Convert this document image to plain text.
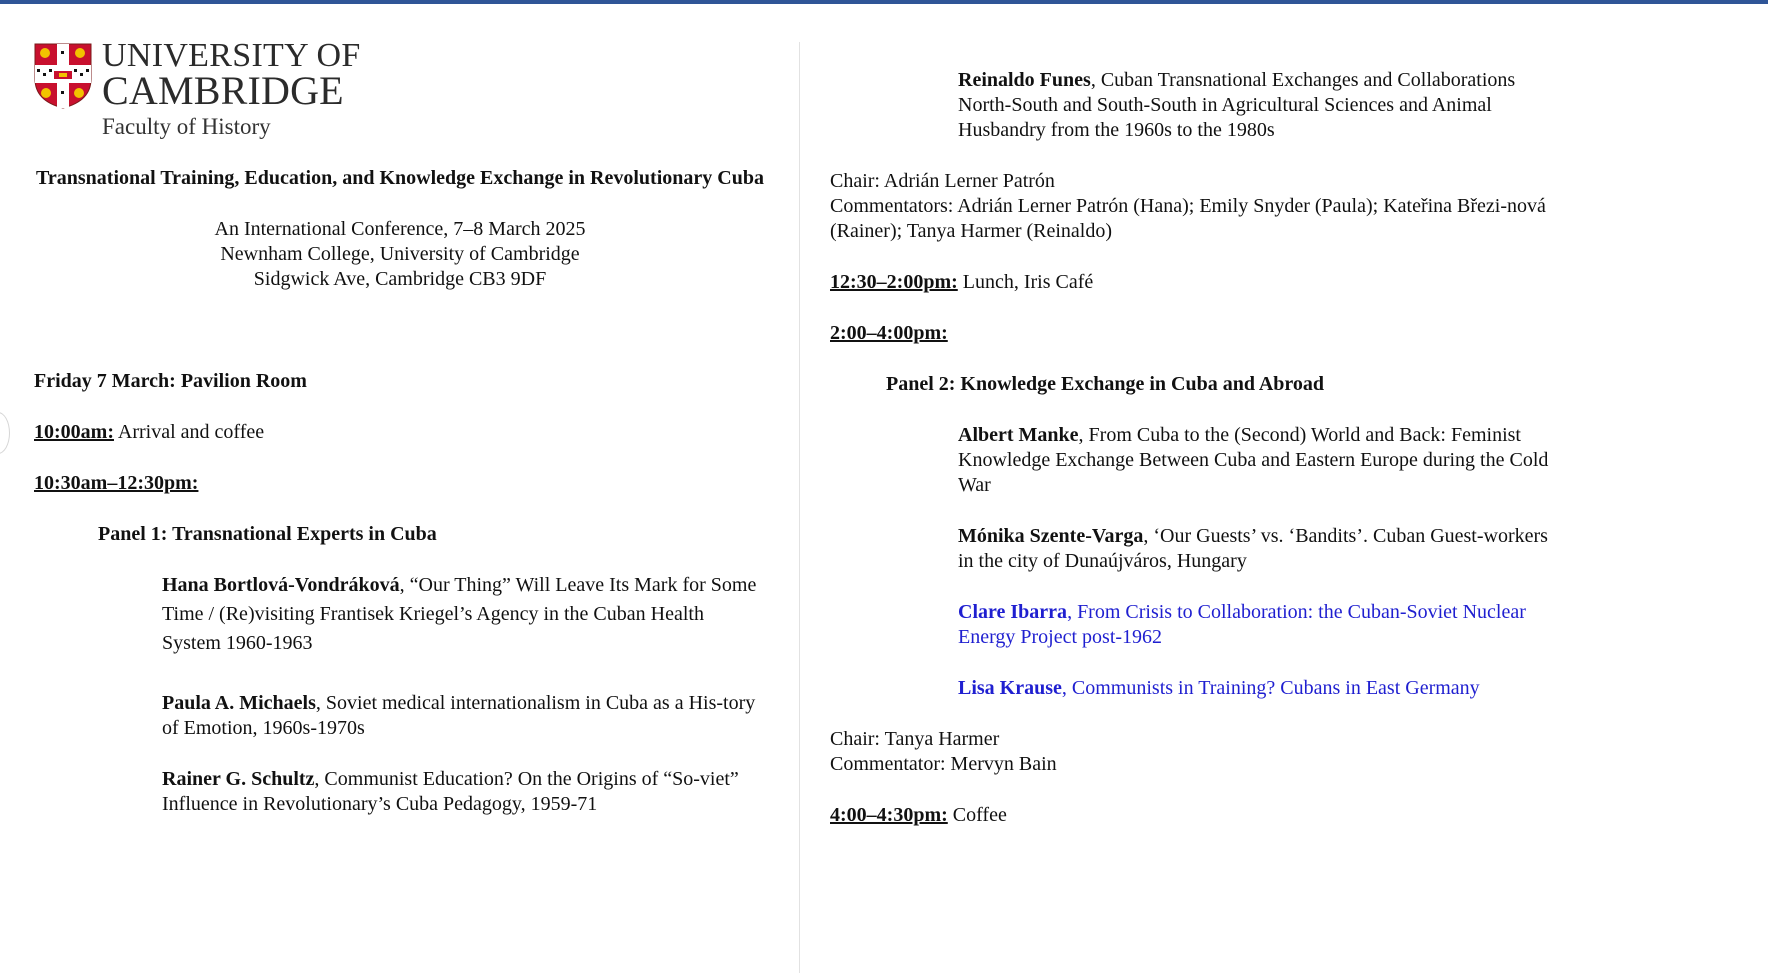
UNIVERSITY OF
CAMBRIDGE
Faculty of History
Transnational Training, Education, and Knowledge Exchange in Revolutionary Cuba
An International Conference, 7–8 March 2025
Newnham College, University of Cambridge
Sidgwick Ave, Cambridge CB3 9DF
Friday 7 March: Pavilion Room

10:00am: Arrival and coffee

10:30am–12:30pm:

Panel 1: Transnational Experts in Cuba

Hana Bortlová-Vondráková, “Our Thing” Will Leave Its Mark for Some Time / (Re)visiting Frantisek Kriegel’s Agency in the Cuban Health System 1960-1963

Paula A. Michaels, Soviet medical internationalism in Cuba as a His-tory of Emotion, 1960s-1970s

Rainer G. Schultz, Communist Education? On the Origins of “So-viet” Influence in Revolutionary’s Cuba Pedagogy, 1959-71

Reinaldo Funes, Cuban Transnational Exchanges and Collaborations North-South and South-South in Agricultural Sciences and Animal Husbandry from the 1960s to the 1980s

Chair: Adrián Lerner Patrón

Commentators: Adrián Lerner Patrón (Hana); Emily Snyder (Paula); Kateřina Březi-nová (Rainer); Tanya Harmer (Reinaldo)

12:30–2:00pm: Lunch, Iris Café

2:00–4:00pm:

Panel 2: Knowledge Exchange in Cuba and Abroad

Albert Manke, From Cuba to the (Second) World and Back: Feminist Knowledge Exchange Between Cuba and Eastern Europe during the Cold War

Mónika Szente-Varga, ‘Our Guests’ vs. ‘Bandits’. Cuban Guest-workers in the city of Dunaújváros, Hungary

Clare Ibarra, From Crisis to Collaboration: the Cuban-Soviet Nuclear Energy Project post-1962

Lisa Krause, Communists in Training? Cubans in East Germany

Chair: Tanya Harmer

Commentator: Mervyn Bain

4:00–4:30pm: Coffee
